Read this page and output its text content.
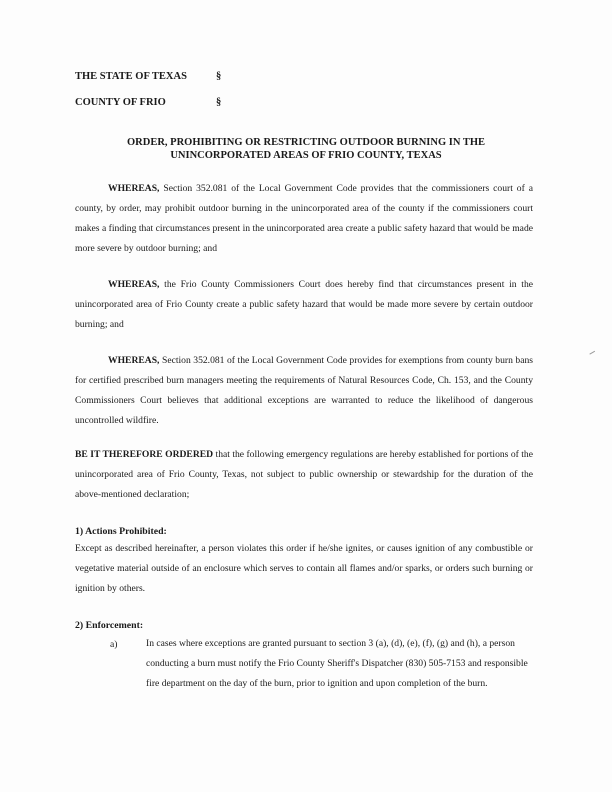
THE STATE OF TEXAS	§
COUNTY OF FRIO	§
ORDER, PROHIBITING OR RESTRICTING OUTDOOR BURNING IN THE
UNINCORPORATED AREAS OF FRIO COUNTY, TEXAS
WHEREAS, Section 352.081 of the Local Government Code provides that the commissioners court of a county, by order, may prohibit outdoor burning in the unincorporated area of the county if the commissioners court makes a finding that circumstances present in the unincorporated area create a public safety hazard that would be made more severe by outdoor burning; and
WHEREAS, the Frio County Commissioners Court does hereby find that circumstances present in the unincorporated area of Frio County create a public safety hazard that would be made more severe by certain outdoor burning; and
WHEREAS, Section 352.081 of the Local Government Code provides for exemptions from county burn bans for certified prescribed burn managers meeting the requirements of Natural Resources Code, Ch. 153, and the County Commissioners Court believes that additional exceptions are warranted to reduce the likelihood of dangerous uncontrolled wildfire.
BE IT THEREFORE ORDERED that the following emergency regulations are hereby established for portions of the unincorporated area of Frio County, Texas, not subject to public ownership or stewardship for the duration of the above-mentioned declaration;
1) Actions Prohibited:
Except as described hereinafter, a person violates this order if he/she ignites, or causes ignition of any combustible or vegetative material outside of an enclosure which serves to contain all flames and/or sparks, or orders such burning or ignition by others.
2) Enforcement:
a)	In cases where exceptions are granted pursuant to section 3 (a), (d), (e), (f), (g) and (h), a person conducting a burn must notify the Frio County Sheriff's Dispatcher (830) 505-7153 and responsible fire department on the day of the burn, prior to ignition and upon completion of the burn.
